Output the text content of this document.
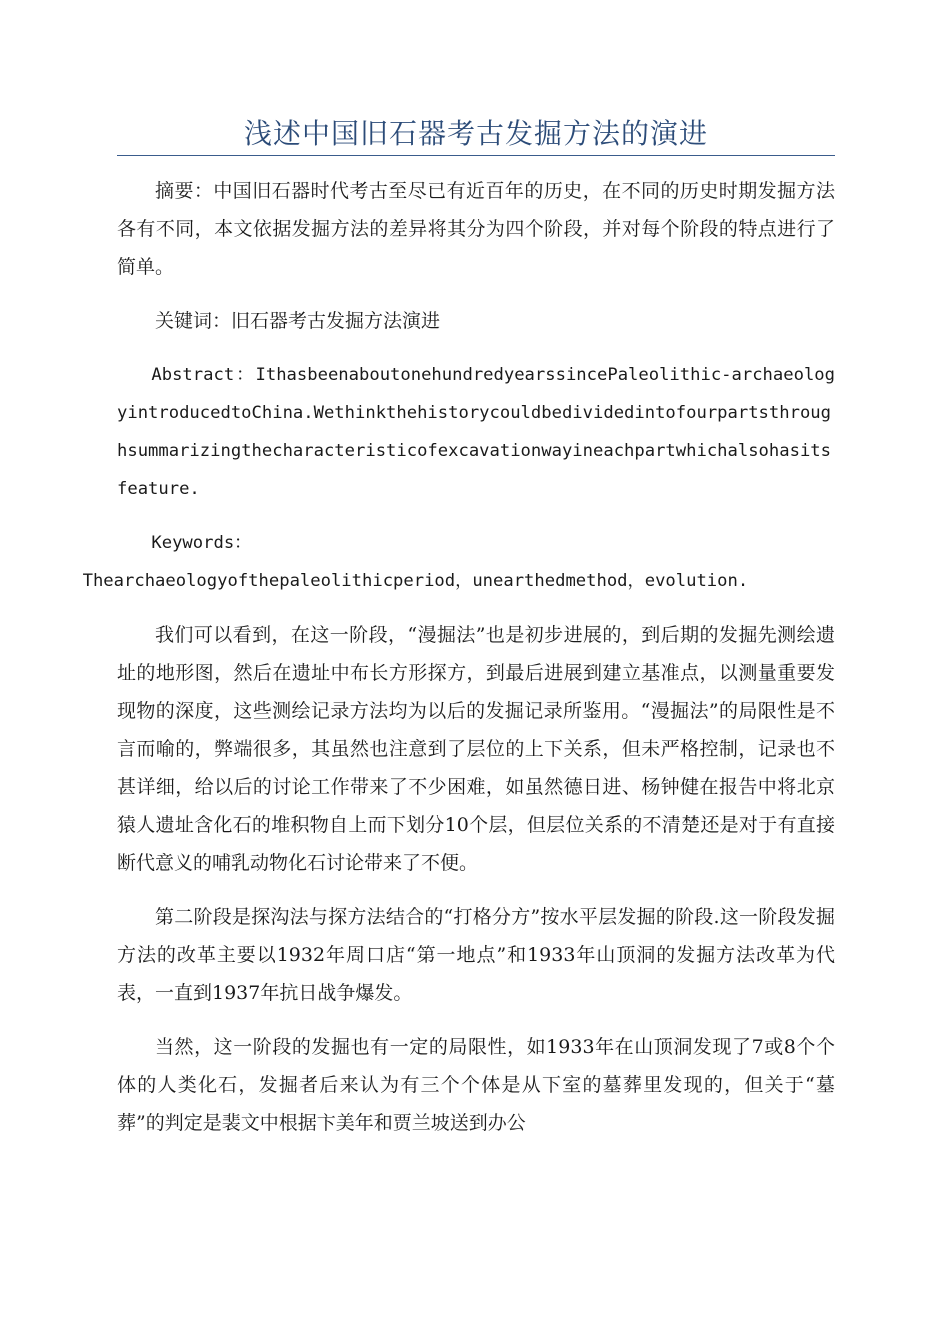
浅述中国旧石器考古发掘方法的演进

摘要：中国旧石器时代考古至尽已有近百年的历史，在不同的历史时期发掘方法各有不同，本文依据发掘方法的差异将其分为四个阶段，并对每个阶段的特点进行了简单。

关键词：旧石器考古发掘方法演进

Abstract：IthasbeenaboutonehundredyearssincePaleolithic-archaeologyintroducedtoChina.Wethinkthehistorycouldbedividedintofourpartsthroughsummarizingthecharacteristicofexcavationwayineachpartwhichalsohasitsfeature.

Keywords：
Thearchaeologyofthepaleolithicperiod，unearthedmethod，evolution.

我们可以看到，在这一阶段，“漫掘法”也是初步进展的，到后期的发掘先测绘遗址的地形图，然后在遗址中布长方形探方，到最后进展到建立基准点，以测量重要发现物的深度，这些测绘记录方法均为以后的发掘记录所鉴用。“漫掘法”的局限性是不言而喻的，弊端很多，其虽然也注意到了层位的上下关系，但未严格控制，记录也不甚详细，给以后的讨论工作带来了不少困难，如虽然德日进、杨钟健在报告中将北京猿人遗址含化石的堆积物自上而下划分10个层，但层位关系的不清楚还是对于有直接断代意义的哺乳动物化石讨论带来了不便。

第二阶段是探沟法与探方法结合的“打格分方”按水平层发掘的阶段.这一阶段发掘方法的改革主要以1932年周口店“第一地点”和1933年山顶洞的发掘方法改革为代表，一直到1937年抗日战争爆发。

当然，这一阶段的发掘也有一定的局限性，如1933年在山顶洞发现了7或8个个体的人类化石，发掘者后来认为有三个个体是从下室的墓葬里发现的，但关于“墓葬”的判定是裴文中根据卞美年和贾兰坡送到办公
